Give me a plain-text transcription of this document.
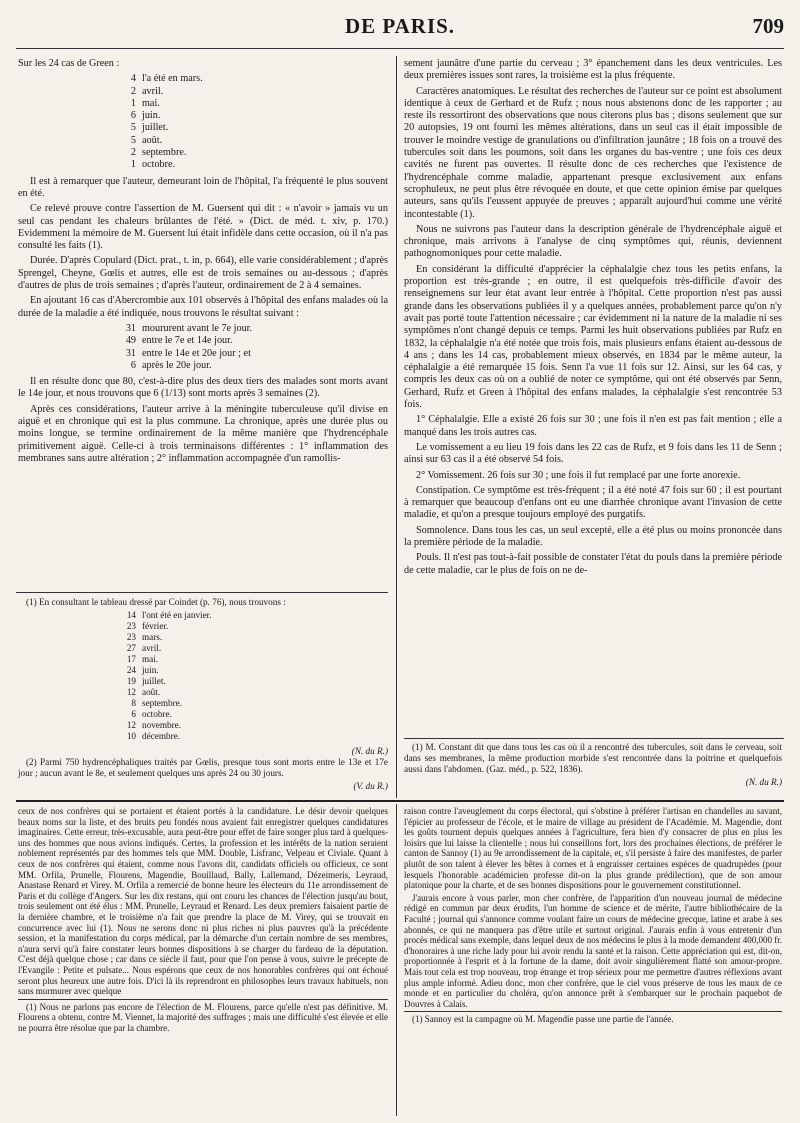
DE PARIS.	709

Sur les 24 cas de Green :

4 l'a été en mars.
2 avril.
1 mai.
6 juin.
5 juillet.
5 août.
2 septembre.
1 octobre.

Il est à remarquer que l'auteur, demeurant loin de l'hôpital, l'a fréquenté le plus souvent en été.

Ce relevé prouve contre l'assertion de M. Guersent qui dit : « n'avoir » jamais vu un seul cas pendant les chaleurs brûlantes de l'été. » (Dict. de méd. t. xiv, p. 170.) Evidemment la mémoire de M. Guersent lui était infidèle dans cette occasion, où il n'a pas consulté les faits (1).

Durée. D'après Copulard (Dict. prat., t. in, p. 664), elle varie considérablement ; d'après Sprengel, Cheyne, Gœlis et autres, elle est de trois semaines ou au-dessous ; d'après d'autres de plus de trois semaines ; d'après l'auteur, ordinairement de 2 à 4 semaines.

En ajoutant 16 cas d'Abercrombie aux 101 observés à l'hôpital des enfans malades où la durée de la maladie a été indiquée, nous trouvons le résultat suivant :

31 moururent avant le 7e jour.
49 entre le 7e et 14e jour.
31 entre le 14e et 20e jour ; et
6 après le 20e jour.

Il en résulte donc que 80, c'est-à-dire plus des deux tiers des malades sont morts avant le 14e jour, et nous trouvons que 6 (1/13) sont morts après 3 semaines (2).

Après ces considérations, l'auteur arrive à la méningite tuberculeuse qu'il divise en aiguë et en chronique qui est la plus commune. La chronique, après une durée plus ou moins longue, se termine ordinairement de la même manière que l'hydrencéphale primitivement aiguë. Celle-ci à trois terminaisons différentes : 1° inflammation des membranes sans autre altération ; 2° inflammation accompagnée d'un ramollis-

(1) En consultant le tableau dressé par Coindet (p. 76), nous trouvons :

14 l'ont été en janvier.
23 février.
23 mars.
27 avril.
17 mai.
24 juin.
19 juillet.
12 août.
8 septembre.
6 octobre.
12 novembre.
10 décembre.
(N. du R.)

(2) Parmi 750 hydrencéphaliques traités par Gœlis, presque tous sont morts entre le 13e et 17e jour ; aucun avant le 8e, et seulement quelques uns après 24 ou 30 jours.

(V. du R.)

sement jaunâtre d'une partie du cerveau ; 3° épanchement dans les deux ventricules. Les deux premières issues sont rares, la troisième est la plus fréquente.

Caractères anatomiques. Le résultat des recherches de l'auteur sur ce point est absolument identique à ceux de Gerhard et de Rufz ; nous nous abstenons donc de les rapporter ; au reste ils ressortiront des observations que nous citerons plus bas ; disons seulement que sur 20 autopsies, 19 ont fourni les mêmes altérations, dans un seul cas il était impossible de trouver le moindre vestige de granulations ou d'infiltration jaunâtre ; 18 fois on a trouvé des tubercules soit dans les poumons, soit dans les organes du bas-ventre ; une fois ces deux cavités ne furent pas ouvertes. Il résulte donc de ces recherches que l'existence de l'hydrencéphale comme maladie, appartenant presque exclusivement aux enfans scrophuleux, ne peut plus être révoquée en doute, et que cette opinion émise par quelques auteurs, sans qu'ils l'eussent appuyée de preuves ; apparaît aujourd'hui comme une vérité incontestable (1).

Nous ne suivrons pas l'auteur dans la description générale de l'hydrencéphale aiguë et chronique, mais arrivons à l'analyse de cinq symptômes qui, réunis, deviennent pathognomoniques pour cette maladie.

En considérant la difficulté d'apprécier la céphalalgie chez tous les petits enfans, la proportion est très-grande ; en outre, il est quelquefois très-difficile d'avoir des renseignemens sur leur état avant leur entrée à l'hôpital. Cette proportion n'est pas aussi grande dans les observations publiées il y a quelques années, probablement parce qu'on n'y avait pas porté toute l'attention nécessaire ; car évidemment ni la nature de la maladie ni ses symptômes n'ont changé depuis ce temps. Parmi les huit observations publiées par Rufz en 1832, la céphalalgie n'a été notée que trois fois, mais plusieurs enfans étaient au-dessous de 4 ans ; dans les 14 cas, probablement mieux observés, en 1834 par le même auteur, la céphalalgie a été remarquée 15 fois. Senn l'a vue 11 fois sur 12. Ainsi, sur les 64 cas, y compris les deux cas où on a oublié de noter ce symptôme, qui ont été observés par Senn, Gerhard, Rufz et Green à l'hôpital des enfans malades, la céphalalgie s'est rencontrée 53 fois.

1° Céphalalgie. Elle a existé 26 fois sur 30 ; une fois il n'en est pas fait mention ; elle a manqué dans les trois autres cas.

Le vomissement a eu lieu 19 fois dans les 22 cas de Rufz, et 9 fois dans les 11 de Senn ; ainsi sur 63 cas il a été observé 54 fois.

2° Vomissement. 26 fois sur 30 ; une fois il fut remplacé par une forte anorexie.

Constipation. Ce symptôme est très-fréquent ; il a été noté 47 fois sur 60 ; il est pourtant à remarquer que beaucoup d'enfans ont eu une diarrhée chronique avant l'invasion de cette maladie, et qu'on a presque toujours employé des purgatifs.

Somnolence. Dans tous les cas, un seul excepté, elle a été plus ou moins prononcée dans la première période de la maladie.

Pouls. Il n'est pas tout-à-fait possible de constater l'état du pouls dans la première période de cette maladie, car le plus de fois on ne de-

(1) M. Constant dit que dans tous les cas où il a rencontré des tubercules, soit dans le cerveau, soit dans ses membranes, la même production morbide s'est rencontrée dans la poitrine et quelquefois aussi dans l'abdomen. (Gaz. méd., p. 522, 1836).

(N. du R.)

ceux de nos confrères qui se portaient et étaient portés à la candidature. Le désir devoir quelques beaux noms sur la liste, et des bruits peu fondés nous avaient fait enregistrer quelques candidatures imaginaires. Cette erreur, très-excusable, aura peut-être pour effet de faire songer plus tard à quelques-uns des hommes que nous avions indiqués. Certes, la profession et les intérêts de la nation seraient noblement représentés par des hommes tels que MM. Double, Lisfranc, Velpeau et Civiale. Quant à ceux de nos confrères qui étaient, comme nous l'avons dit, candidats officiels ou officieux, ce sont MM. Orfila, Prunelle, Flourens, Magendie, Bouillaud, Bally, Lallemand, Dézeimeris, Leyraud, Anastase Renard et Virey. M. Orfila a remercié de bonne heure les électeurs du 11e arrondissement de Paris et du collège d'Angers. Sur les dix restans, qui ont couru les chances de l'élection jusqu'au bout, trois seulement ont été élus : MM. Prunelle, Leyraud et Renard. Les deux premiers faisaient partie de la dernière chambre, et le troisième n'a fait que prendre la place de M. Virey, qui se trouvait en concurrence avec lui (1). Nous ne serons donc ni plus riches ni plus pauvres qu'à la précédente session, et la manifestation du corps médical, par la démarche d'un certain nombre de ses membres, n'aura servi qu'à faire constater leurs bonnes dispositions à se charger du fardeau de la députation. C'est déjà quelque chose ; car dans ce siècle il faut, pour que l'on pense à vous, suivre le précepte de l'Evangile : Petite et pulsate... Nous espérons que ceux de nos honorables confrères qui ont échoué seront plus heureux une autre fois. D'ici là ils reprendront en philosophes leurs travaux habituels, non sans murmurer avec quelque

(1) Nous ne parlons pas encore de l'élection de M. Flourens, parce qu'elle n'est pas définitive. M. Flourens a obtenu, contre M. Viennet, la majorité des suffrages ; mais une difficulté s'est élevée et elle ne pourra être résolue que par la chambre.

raison contre l'aveuglement du corps électoral, qui s'obstine à préférer l'artisan en chandelles au savant, l'épicier au professeur de l'école, et le maire de village au président de l'Académie. M. Magendie, dont les goûts tournent depuis quelques années à l'agriculture, fera bien d'y consacrer de plus en plus les loisirs que lui laisse la clientelle ; nous lui conseillons fort, lors des prochaines élections, de préférer le canton de Sannoy (1) au 9e arrondissement de la capitale, et, s'il persiste à faire des manifestes, de parler plutôt de son talent à élever les bêtes à cornes et à engraisser certaines espèces de quadrupèdes (pour lesquels l'honorable académicien professe dit-on la plus grande prédilection), que de son amour platonique pour la charte, et de ses bonnes dispositions pour le gouvernement constitutionnel.

J'aurais encore à vous parler, mon cher confrère, de l'apparition d'un nouveau journal de médecine rédigé en commun par deux érudits, l'un homme de science et de mérite, l'autre bibliothécaire de la Faculté ; journal qui s'annonce comme voulant faire un cours de médecine grecque, latine et arabe à ses abonnés, ce qui ne manquera pas d'être utile et surtout original. J'aurais enfin à vous entretenir d'un procès médical sans exemple, dans lequel deux de nos médecins le plus à la mode demandent 400,000 fr. d'honoraires à une riche lady pour lui avoir rendu la santé et la raison. Cette appréciation qui est, dit-on, proportionnée à l'esprit et à la fortune de la dame, doit avoir singulièrement flatté son amour-propre. Mais tout cela est trop nouveau, trop étrange et trop sérieux pour me permettre d'autres réflexions avant plus ample informé. Adieu donc, mon cher confrère, que le ciel vous préserve de tous les maux de ce monde et en particulier du choléra, qu'on annonce prêt à s'embarquer sur le prochain paquebot de Douvres à Calais.

(1) Sannoy est la campagne où M. Magendie passe une partie de l'année.
